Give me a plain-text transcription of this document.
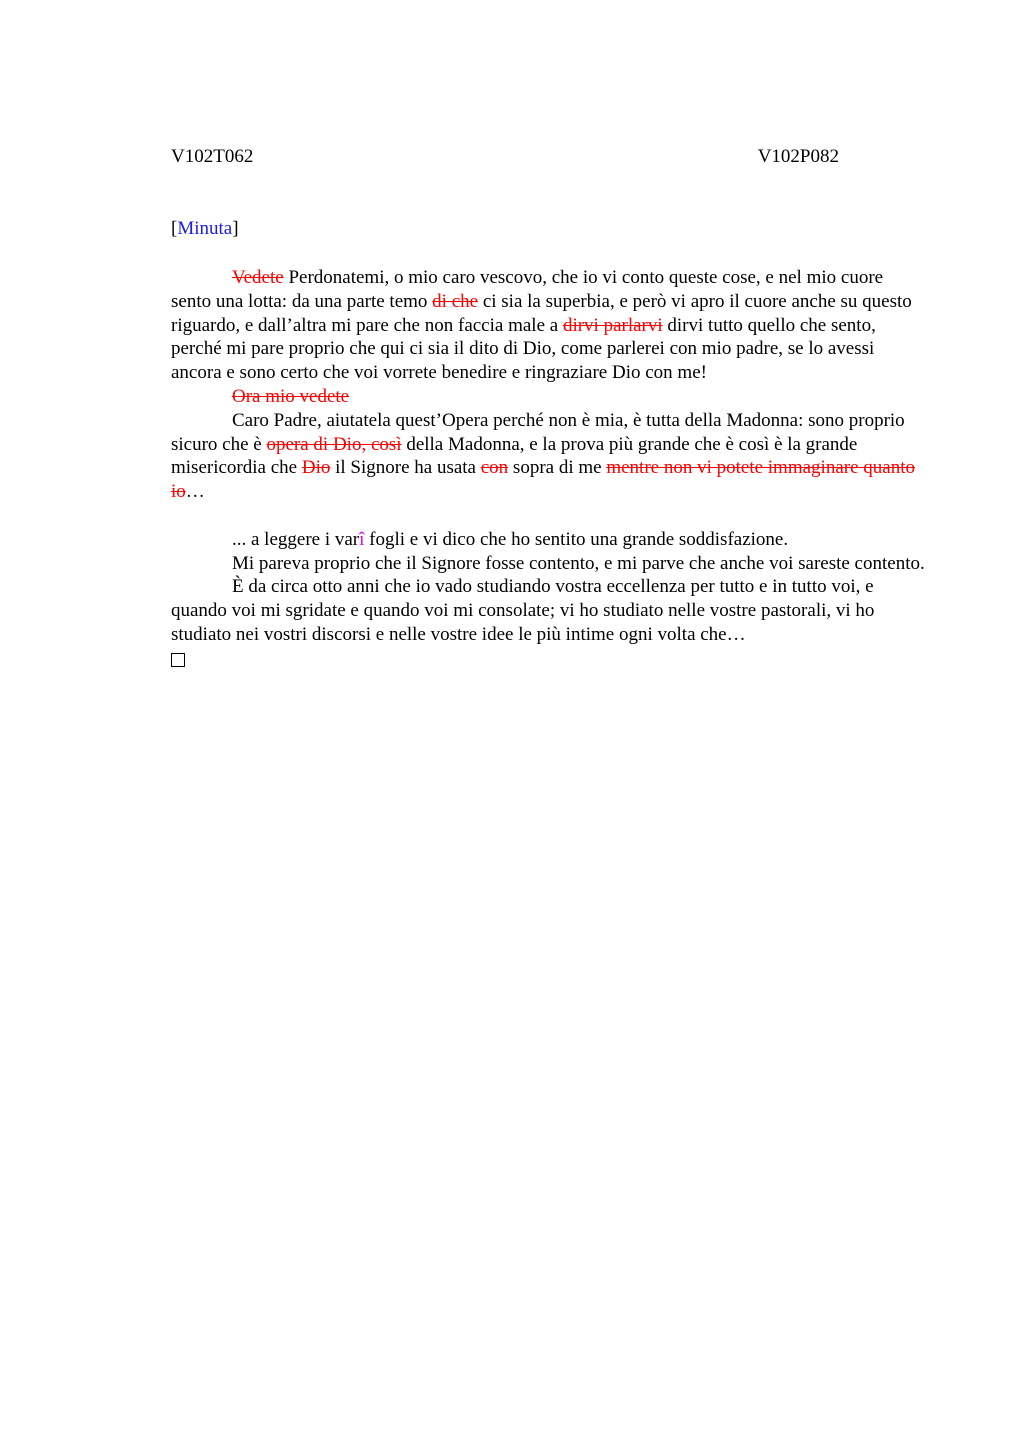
V102T062	V102P082
[Minuta]

Vedete Perdonatemi, o mio caro vescovo, che io vi conto queste cose, e nel mio cuore sento una lotta: da una parte temo di che ci sia la superbia, e però vi apro il cuore anche su questo riguardo, e dall’altra mi pare che non faccia male a dirvi parlarvi dirvi tutto quello che sento, perché mi pare proprio che qui ci sia il dito di Dio, come parlerei con mio padre, se lo avessi ancora e sono certo che voi vorrete benedire e ringraziare Dio con me!

Ora mio vedete

Caro Padre, aiutatela quest’Opera perché non è mia, è tutta della Madonna: sono proprio sicuro che è opera di Dio, così della Madonna, e la prova più grande che è così è la grande misericordia che Dio il Signore ha usata con sopra di me mentre non vi potete immaginare quanto io…

... a leggere i varî fogli e vi dico che ho sentito una grande soddisfazione.

Mi pareva proprio che il Signore fosse contento, e mi parve che anche voi sareste contento.

È da circa otto anni che io vado studiando vostra eccellenza per tutto e in tutto voi, e quando voi mi sgridate e quando voi mi consolate; vi ho studiato nelle vostre pastorali, vi ho studiato nei vostri discorsi e nelle vostre idee le più intime ogni volta che…
